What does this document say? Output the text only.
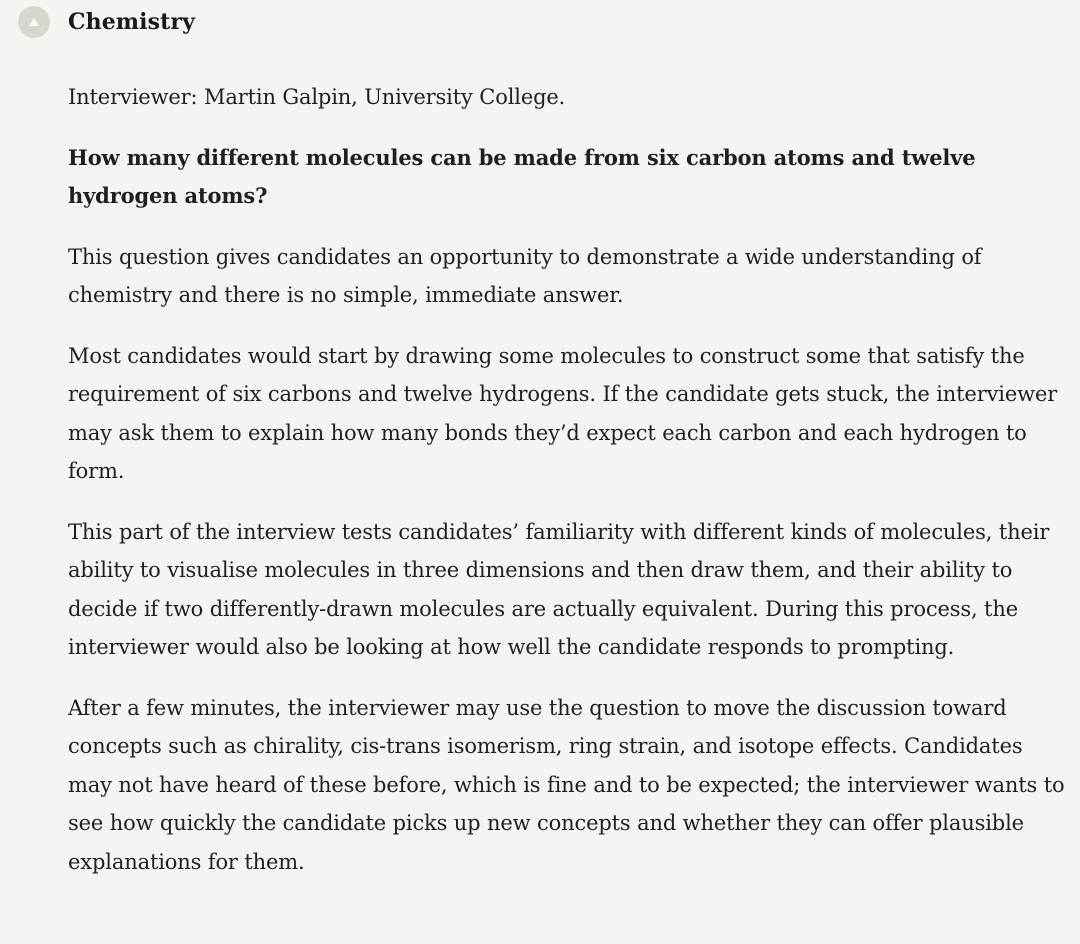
Chemistry

Interviewer: Martin Galpin, University College.

How many different molecules can be made from six carbon atoms and twelve hydrogen atoms?

This question gives candidates an opportunity to demonstrate a wide understanding of chemistry and there is no simple, immediate answer.

Most candidates would start by drawing some molecules to construct some that satisfy the requirement of six carbons and twelve hydrogens. If the candidate gets stuck, the interviewer may ask them to explain how many bonds they’d expect each carbon and each hydrogen to form.

This part of the interview tests candidates’ familiarity with different kinds of molecules, their ability to visualise molecules in three dimensions and then draw them, and their ability to decide if two differently-drawn molecules are actually equivalent. During this process, the interviewer would also be looking at how well the candidate responds to prompting.

After a few minutes, the interviewer may use the question to move the discussion toward concepts such as chirality, cis-trans isomerism, ring strain, and isotope effects. Candidates may not have heard of these before, which is fine and to be expected; the interviewer wants to see how quickly the candidate picks up new concepts and whether they can offer plausible explanations for them.
